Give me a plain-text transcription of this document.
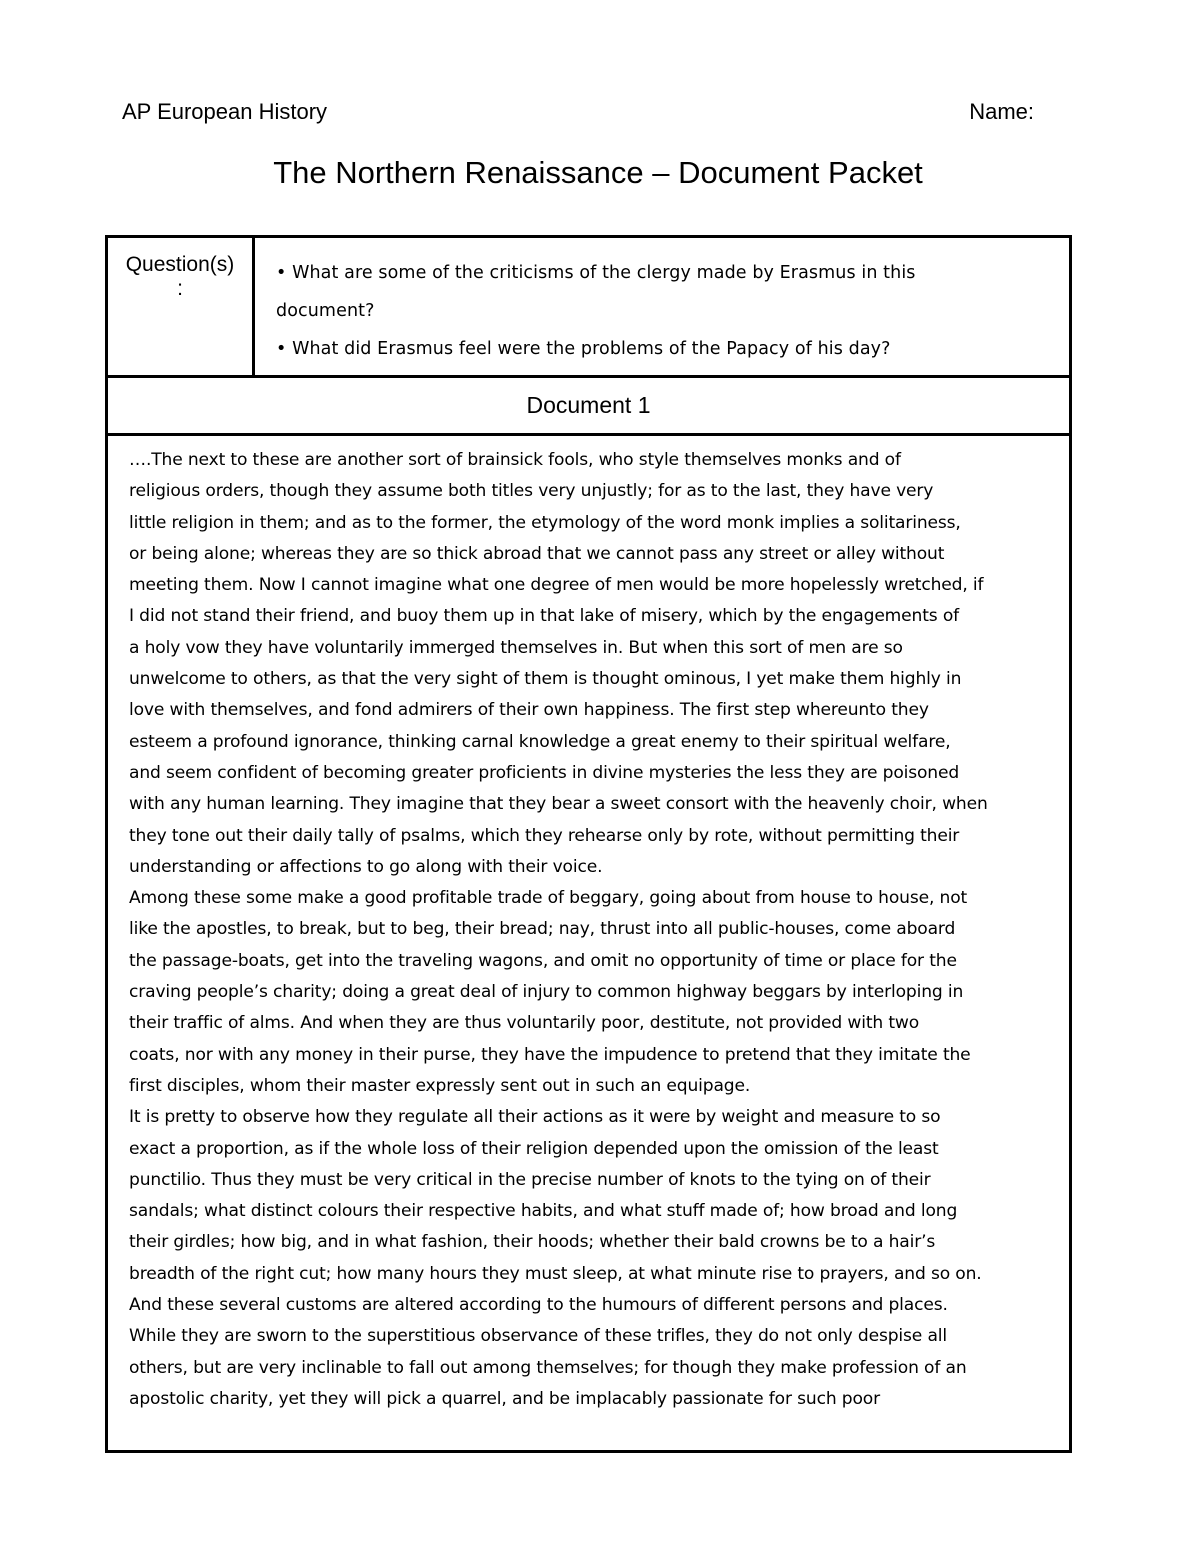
AP European History	Name:
The Northern Renaissance – Document Packet
Question(s)
:
• What are some of the criticisms of the clergy made by Erasmus in this
document?
• What did Erasmus feel were the problems of the Papacy of his day?
Document 1
….The next to these are another sort of brainsick fools, who style themselves monks and of
religious orders, though they assume both titles very unjustly; for as to the last, they have very
little religion in them; and as to the former, the etymology of the word monk implies a solitariness,
or being alone; whereas they are so thick abroad that we cannot pass any street or alley without
meeting them. Now I cannot imagine what one degree of men would be more hopelessly wretched, if
I did not stand their friend, and buoy them up in that lake of misery, which by the engagements of
a holy vow they have voluntarily immerged themselves in. But when this sort of men are so
unwelcome to others, as that the very sight of them is thought ominous, I yet make them highly in
love with themselves, and fond admirers of their own happiness. The first step whereunto they
esteem a profound ignorance, thinking carnal knowledge a great enemy to their spiritual welfare,
and seem confident of becoming greater proficients in divine mysteries the less they are poisoned
with any human learning. They imagine that they bear a sweet consort with the heavenly choir, when
they tone out their daily tally of psalms, which they rehearse only by rote, without permitting their
understanding or affections to go along with their voice.
Among these some make a good profitable trade of beggary, going about from house to house, not
like the apostles, to break, but to beg, their bread; nay, thrust into all public-houses, come aboard
the passage-boats, get into the traveling wagons, and omit no opportunity of time or place for the
craving people’s charity; doing a great deal of injury to common highway beggars by interloping in
their traffic of alms. And when they are thus voluntarily poor, destitute, not provided with two
coats, nor with any money in their purse, they have the impudence to pretend that they imitate the
first disciples, whom their master expressly sent out in such an equipage.
It is pretty to observe how they regulate all their actions as it were by weight and measure to so
exact a proportion, as if the whole loss of their religion depended upon the omission of the least
punctilio. Thus they must be very critical in the precise number of knots to the tying on of their
sandals; what distinct colours their respective habits, and what stuff made of; how broad and long
their girdles; how big, and in what fashion, their hoods; whether their bald crowns be to a hair’s
breadth of the right cut; how many hours they must sleep, at what minute rise to prayers, and so on.
And these several customs are altered according to the humours of different persons and places.
While they are sworn to the superstitious observance of these trifles, they do not only despise all
others, but are very inclinable to fall out among themselves; for though they make profession of an
apostolic charity, yet they will pick a quarrel, and be implacably passionate for such poor
